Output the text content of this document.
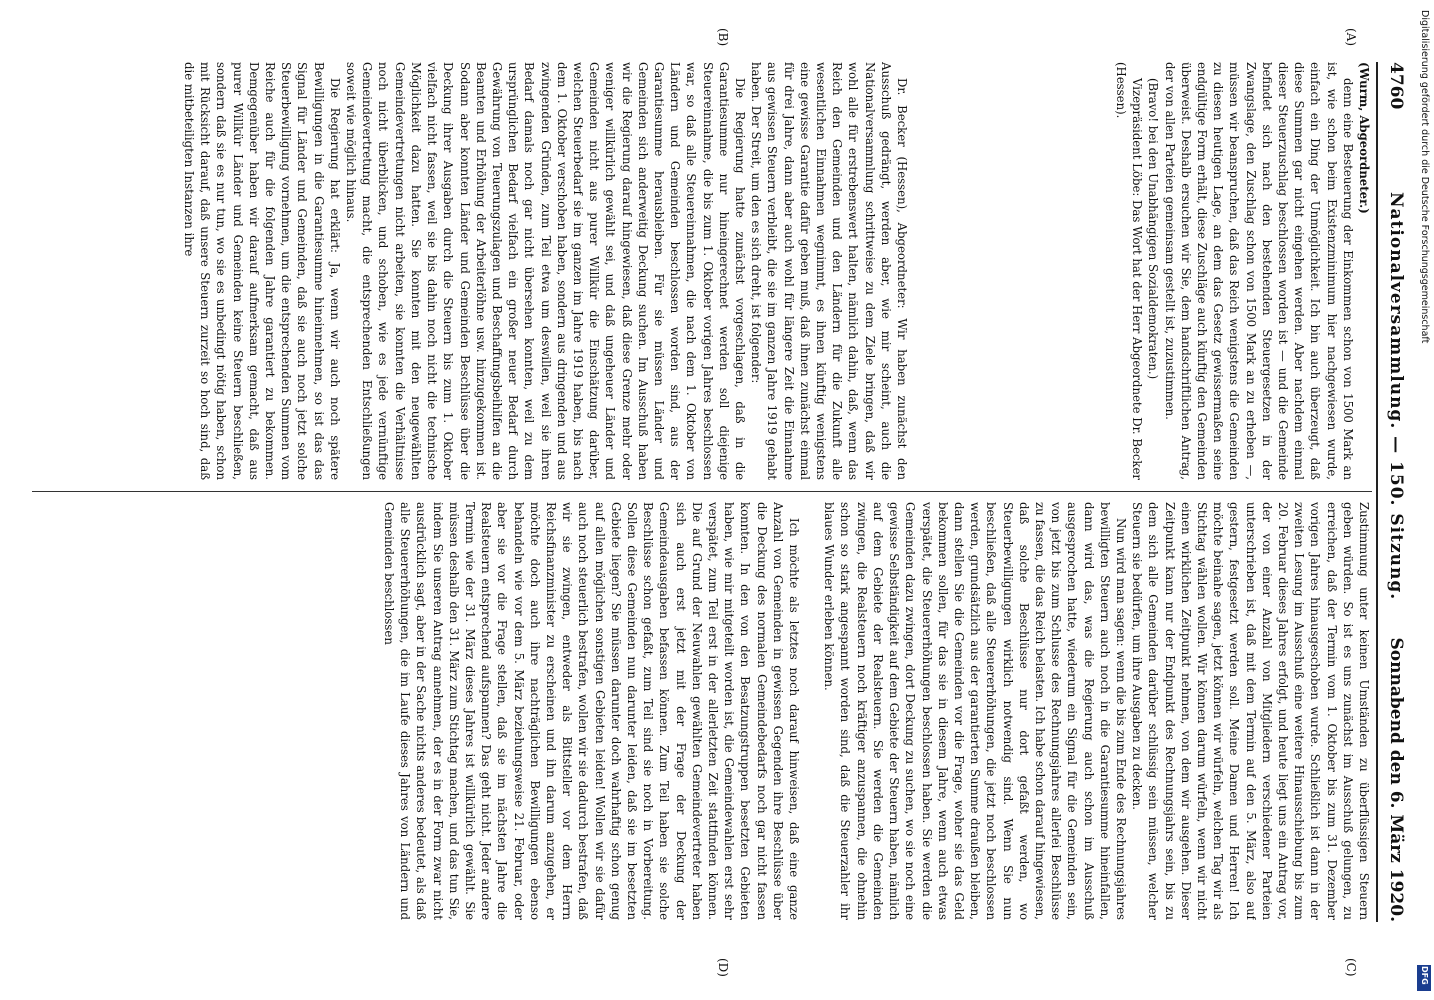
4760
Nationalversammlung. — 150. Sitzung.
Sonnabend den 6. März 1920.
(A)
(B)
(C)
(D)

(Wurm, Abgeordneter.)

denn eine Besteuerung der Einkommen schon von 1500 Mark an ist, wie schon beim Existenzminimum hier nachgewiesen wurde, einfach ein Ding der Unmöglichkeit. Ich bin auch überzeugt, daß diese Summen gar nicht eingehen werden. Aber nachdem einmal dieser Steuerzuschlag beschlossen worden ist — und die Gemeinde befindet sich nach den bestehenden Steuergesetzen in der Zwangslage, den Zuschlag schon von 1500 Mark an zu erheben —, müssen wir beanspruchen, daß das Reich wenigstens die Gemeinden zu diesen heutigen Lage, an dem das Gesetz gewissermaßen seine endgültige Form erhält, diese Zuschläge auch künftig den Gemeinden überweist. Deshalb ersuchen wir Sie, dem handschriftlichen Antrag, der von allen Parteien gemeinsam gestellt ist, zuzustimmen.

(Bravo! bei den Unabhängigen Sozialdemokraten.)

Vizepräsident Löbe: Das Wort hat der Herr Abgeordnete Dr. Becker (Hessen).

Dr. Becker (Hessen), Abgeordneter: Wir haben zunächst den Ausschuß gedrängt, werden aber, wie mir scheint, auch die Nationalversammlung schrittweise zu dem Ziele bringen, daß wir wohl alle für erstrebenswert halten, nämlich dahin, daß, wenn das Reich den Gemeinden und den Ländern für die Zukunft alle wesentlichen Einnahmen wegnimmt, es ihnen künftig wenigstens eine gewisse Garantie dafür geben muß, daß ihnen zunächst einmal für drei Jahre, dann aber auch wohl für längere Zeit die Einnahme aus gewissen Steuern verbleibt, die sie im ganzen Jahre 1919 gehabt haben. Der Streit, um den es sich dreht, ist folgender:

Die Regierung hatte zunächst vorgeschlagen, daß in die Garantiesumme nur hineingerechnet werden soll diejenige Steuereinnahme, die bis zum 1. Oktober vorigen Jahres beschlossen war, so daß alle Steuereinnahmen, die nach dem 1. Oktober von Ländern und Gemeinden beschlossen worden sind, aus der Garantiesumme herausbleiben. Für sie müssen Länder und Gemeinden sich anderweitig Deckung suchen. Im Ausschuß haben wir die Regierung darauf hingewiesen, daß diese Grenze mehr oder weniger willkürlich gewählt sei, und daß ungeheuer Länder und Gemeinden nicht aus purer Willkür die Einschätzung darüber, welchen Steuerbedarf sie im ganzen im Jahre 1919 haben, bis nach dem 1. Oktober verschoben haben, sondern aus dringenden und aus zwingenden Gründen, zum Teil etwa um deswillen, weil sie ihren Bedarf damals noch gar nicht übersehen konnten, weil zu dem ursprünglichen Bedarf vielfach ein großer neuer Bedarf durch Gewährung von Teuerungszulagen und Beschaffungsbeihilfen an die Beamten und Erhöhung der Arbeiterlöhne usw. hinzugekommen ist. Sodann aber konnten Länder und Gemeinden Beschlüsse über die Deckung ihrer Ausgaben durch die Steuern bis zum 1. Oktober vielfach nicht fassen, weil sie bis dahin noch nicht die technische Möglichkeit dazu hatten. Sie konnten mit den neugewählten Gemeindevertretungen nicht arbeiten, sie konnten die Verhältnisse noch nicht überblicken, und schoben, wie es jede vernünftige Gemeindevertretung macht, die entsprechenden Entschließungen soweit wie möglich hinaus.

Die Regierung hat erklärt: Ja, wenn wir auch noch spätere Bewilligungen in die Garantiesumme hineinnehmen, so ist das das Signal für Länder und Gemeinden, daß sie auch noch jetzt solche Steuerbewilligung vornehmen, um die entsprechenden Summen vom Reiche auch für die folgenden Jahre garantiert zu bekommen. Demgegenüber haben wir darauf aufmerksam gemacht, daß aus purer Willkür Länder und Gemeinden keine Steuern beschließen, sondern daß sie es nur tun, wo sie es unbedingt nötig haben, schon mit Rücksicht darauf, daß unsere Steuern zurzeit so hoch sind, daß die mitbeteiligten Instanzen ihre

Zustimmung unter keinen Umständen zu überflüssigen Steuern geben würden. So ist es uns zunächst im Ausschuß gelungen, zu erreichen, daß der Termin vom 1. Oktober bis zum 31. Dezember vorigen Jahres hinausgeschoben wurde. Schließlich ist dann in der zweiten Lesung im Ausschuß eine weitere Hinausschiebung bis zum 20. Februar dieses Jahres erfolgt, und heute liegt uns ein Antrag vor, der von einer Anzahl von Mitgliedern verschiedener Parteien unterschrieben ist, daß mit dem Termin auf den 5. März, also auf gestern, festgesetzt werden soll. Meine Damen und Herren! Ich möchte beinahe sagen, jetzt können wir würfeln, welchen Tag wir als Stichtag wählen wollen. Wir können darum würfeln, wenn wir nicht einen wirklichen Zeitpunkt nehmen, von dem wir ausgehen. Dieser Zeitpunkt kann nur der Endpunkt des Rechnungsjahrs sein, bis zu dem sich alle Gemeinden darüber schlüssig sein müssen, welcher Steuern sie bedürfen, um ihre Ausgaben zu decken.

Nun wird man sagen: wenn die bis zum Ende des Rechnungsjahres bewilligten Steuern auch noch in die Garantiesumme hineinfallen, dann wird das, was die Regierung auch schon im Ausschuß ausgesprochen hatte, wiederum ein Signal für die Gemeinden sein, von jetzt bis zum Schlusse des Rechnungsjahres allerlei Beschlüsse zu fassen, die das Reich belasten. Ich habe schon darauf hingewiesen, daß solche Beschlüsse nur dort gefaßt werden, wo Steuerbewilligungen wirklich notwendig sind. Wenn Sie nun beschließen, daß alle Steuererhöhungen, die jetzt noch beschlossen werden, grundsätzlich aus der garantierten Summe draußen bleiben, dann stellen Sie die Gemeinden vor die Frage, woher sie das Geld bekommen sollen, für das sie in diesem Jahre, wenn auch etwas verspätet, die Steuererhöhungen beschlossen haben. Sie werden die Gemeinden dazu zwingen, dort Deckung zu suchen, wo sie noch eine gewisse Selbständigkeit auf dem Gebiete der Steuern haben, nämlich auf dem Gebiete der Realsteuern. Sie werden die Gemeinden zwingen, die Realsteuern noch kräftiger anzuspannen, die ohnehin schon so stark angespannt worden sind, daß die Steuerzahler ihr blaues Wunder erleben können.

Ich möchte als letztes noch darauf hinweisen, daß eine ganze Anzahl von Gemeinden in gewissen Gegenden ihre Beschlüsse über die Deckung des normalen Gemeindebedarfs noch gar nicht fassen konnten. In den von den Besatzungstruppen besetzten Gebieten haben, wie mir mitgeteilt worden ist, die Gemeindewahlen erst sehr verspätet, zum Teil erst in der allerletzten Zeit stattfinden können. Die auf Grund der Neuwahlen gewählten Gemeindevertreter haben sich auch erst jetzt mit der Frage der Deckung der Gemeindeausgaben befassen können. Zum Teil haben sie solche Beschlüsse schon gefaßt, zum Teil sind sie noch in Vorbereitung. Sollen diese Gemeinden nun darunter leiden, daß sie im besetzten Gebiete liegen? Sie müssen darunter doch wahrhaftig schon genug auf allen möglichen sonstigen Gebieten leiden! Wollen wir sie dafür auch noch steuerlich bestrafen, wollen wir sie dadurch bestrafen, daß wir sie zwingen, entweder als Bittsteller vor dem Herrn Reichsfinanzminister zu erscheinen und ihn darum anzugehen, er möchte doch auch ihre nachträglichen Bewilligungen ebenso behandeln wie vor dem 5. März beziehungsweise 21. Februar, oder aber sie vor die Frage stellen, daß sie im nächsten Jahre die Realsteuern entsprechend aufspannen? Das geht nicht. Jeder andere Termin wie der 31. März dieses Jahres ist willkürlich gewählt. Sie müssen deshalb den 31. März zum Stichtag machen, und das tun Sie, indem Sie unseren Antrag annehmen, der es in der Form zwar nicht ausdrücklich sagt, aber in der Sache nichts anderes bedeutet, als daß alle Steuererhöhungen, die im Laufe dieses Jahres von Ländern und Gemeinden beschlossen

Digitalisierung gefördert durch die Deutsche Forschungsgemeinschaft
DFG
